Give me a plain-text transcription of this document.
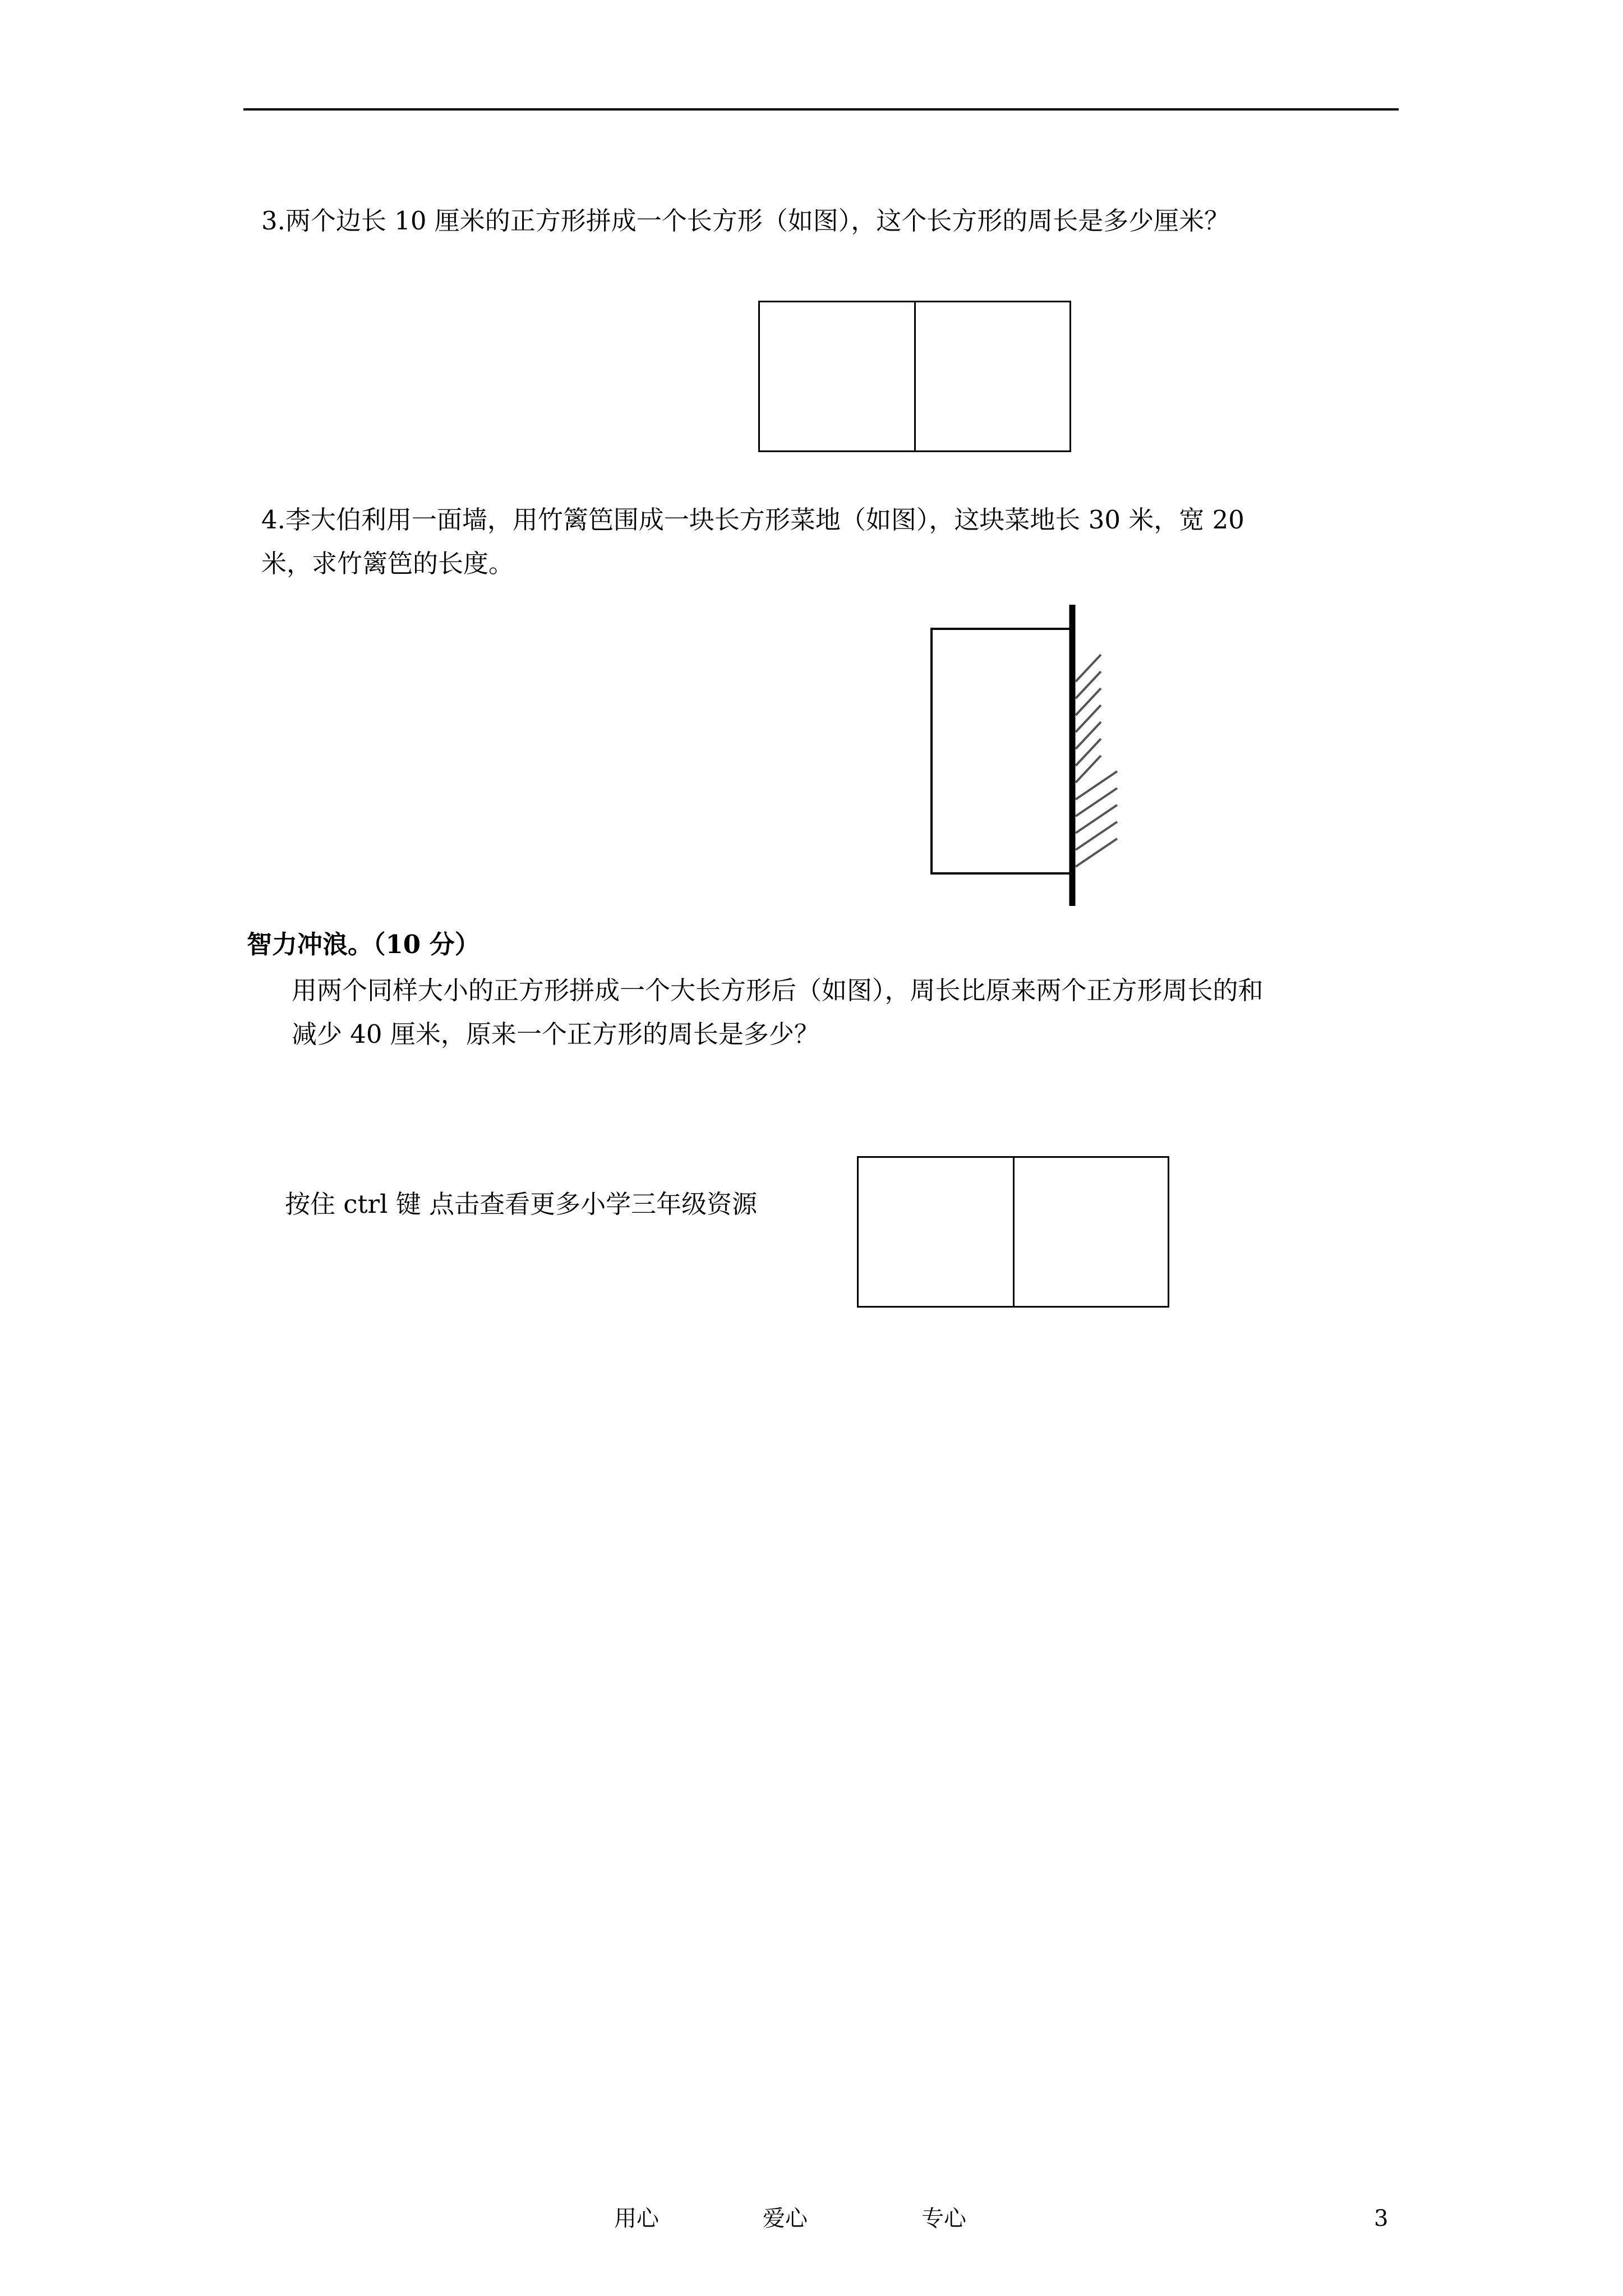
3.两个边长 10 厘米的正方形拼成一个长方形（如图），这个长方形的周长是多少厘米？
4.李大伯利用一面墙，用竹篱笆围成一块长方形菜地（如图），这块菜地长 30 米，宽 20
米，求竹篱笆的长度。
智力冲浪。（10 分）
用两个同样大小的正方形拼成一个大长方形后（如图），周长比原来两个正方形周长的和
减少 40 厘米，原来一个正方形的周长是多少？
按住 ctrl 键 点击查看更多小学三年级资源
用心	爱心	专心	3
